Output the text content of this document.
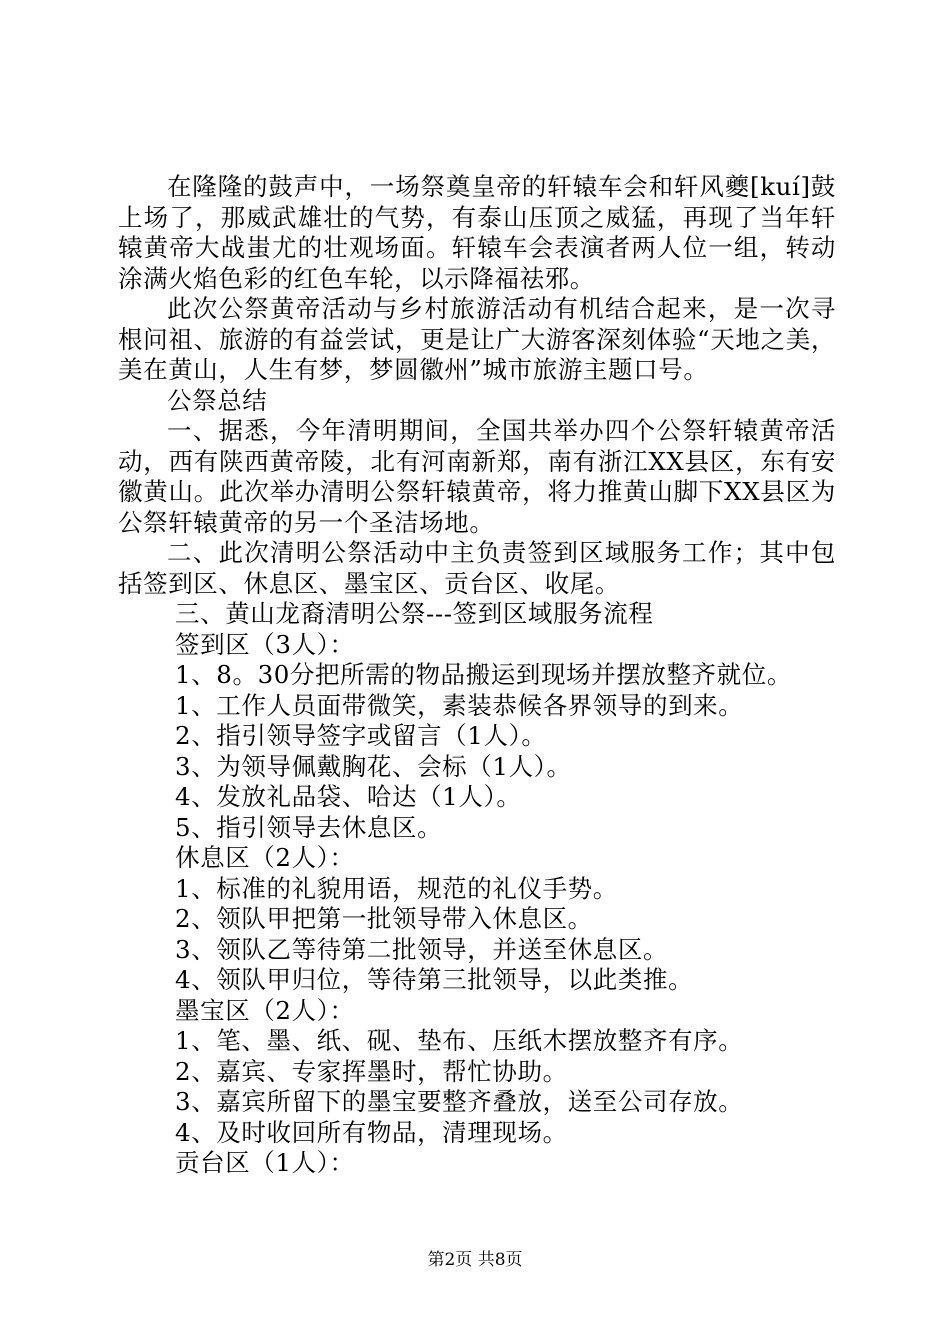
在隆隆的鼓声中，一场祭奠皇帝的轩辕车会和轩风夔[kuí]鼓上场了，那威武雄壮的气势，有泰山压顶之威猛，再现了当年轩辕黄帝大战蚩尤的壮观场面。轩辕车会表演者两人位一组，转动涂满火焰色彩的红色车轮，以示降福祛邪。

此次公祭黄帝活动与乡村旅游活动有机结合起来，是一次寻根问祖、旅游的有益尝试，更是让广大游客深刻体验“天地之美，美在黄山，人生有梦，梦圆徽州”城市旅游主题口号。

公祭总结

一、据悉，今年清明期间，全国共举办四个公祭轩辕黄帝活动，西有陕西黄帝陵，北有河南新郑，南有浙江XX县区，东有安徽黄山。此次举办清明公祭轩辕黄帝，将力推黄山脚下XX县区为公祭轩辕黄帝的另一个圣洁场地。

二、此次清明公祭活动中主负责签到区域服务工作；其中包括签到区、休息区、墨宝区、贡台区、收尾。

三、黄山龙裔清明公祭---签到区域服务流程
签到区（3人）：
1、8。30分把所需的物品搬运到现场并摆放整齐就位。
1、工作人员面带微笑，素装恭候各界领导的到来。
2、指引领导签字或留言（1人）。
3、为领导佩戴胸花、会标（1人）。
4、发放礼品袋、哈达（1人）。
5、指引领导去休息区。
休息区（2人）：
1、标准的礼貌用语，规范的礼仪手势。
2、领队甲把第一批领导带入休息区。
3、领队乙等待第二批领导，并送至休息区。
4、领队甲归位，等待第三批领导，以此类推。
墨宝区（2人）：
1、笔、墨、纸、砚、垫布、压纸木摆放整齐有序。
2、嘉宾、专家挥墨时，帮忙协助。
3、嘉宾所留下的墨宝要整齐叠放，送至公司存放。
4、及时收回所有物品，清理现场。
贡台区（1人）：
第2页 共8页
